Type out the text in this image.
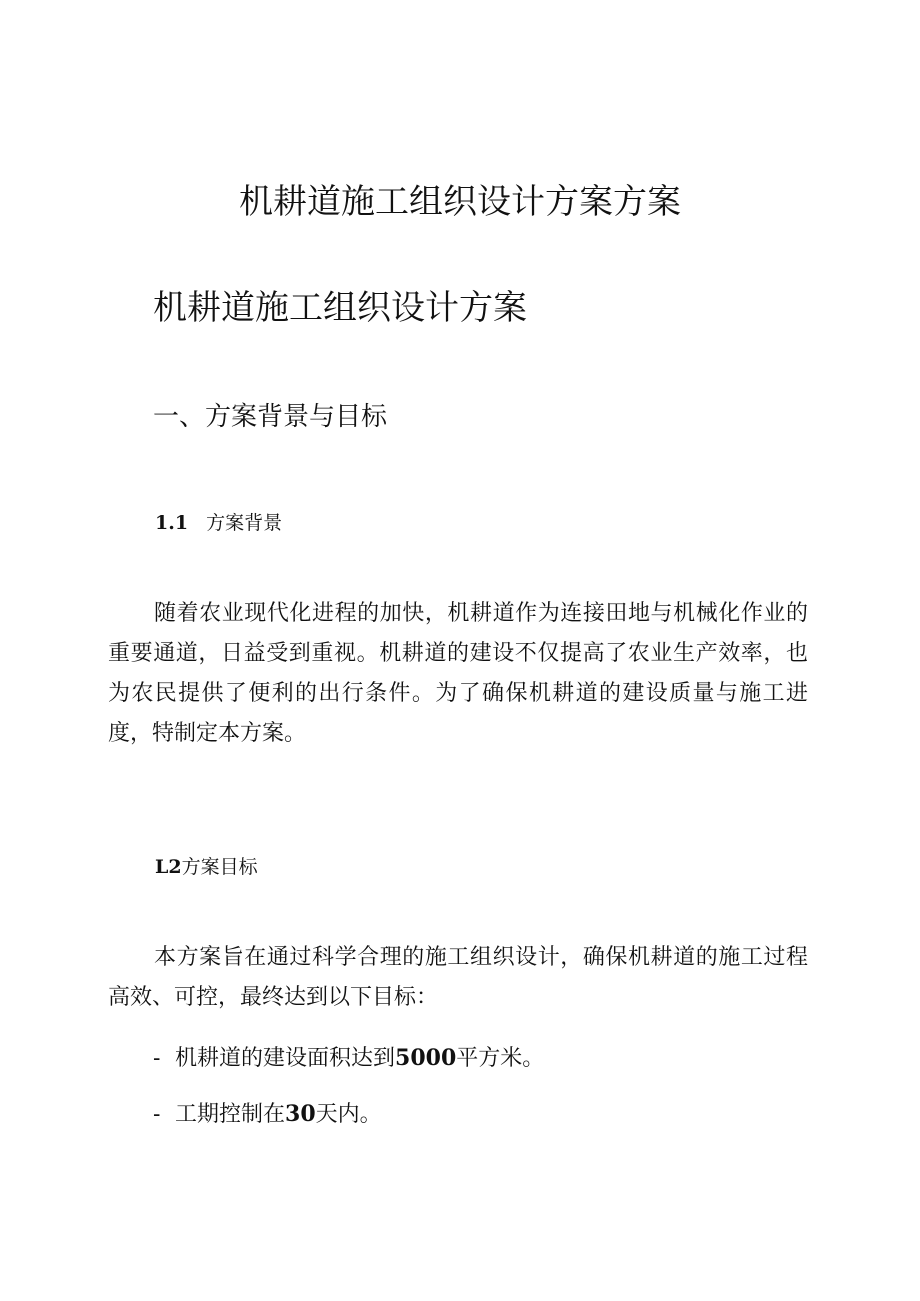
机耕道施工组织设计方案方案
机耕道施工组织设计方案
一、方案背景与目标
1.1 方案背景

随着农业现代化进程的加快，机耕道作为连接田地与机械化作业的重要通道，日益受到重视。机耕道的建设不仅提高了农业生产效率，也为农民提供了便利的出行条件。为了确保机耕道的建设质量与施工进度，特制定本方案。

L2方案目标

本方案旨在通过科学合理的施工组织设计，确保机耕道的施工过程高效、可控，最终达到以下目标：

- 机耕道的建设面积达到5000平方米。
- 工期控制在30天内。
